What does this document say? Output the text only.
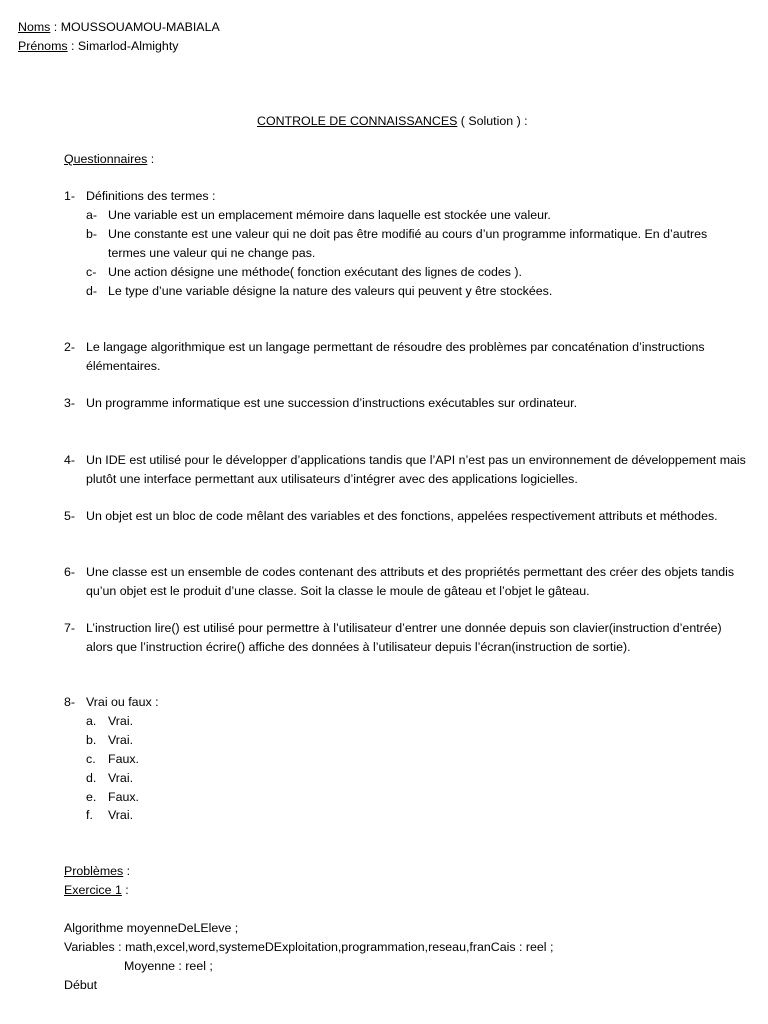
Noms : MOUSSOUAMOU-MABIALA
Prénoms : Simarlod-Almighty
CONTROLE DE CONNAISSANCES ( Solution ) :
Questionnaires :
1- Définitions des termes :
a- Une variable est un emplacement mémoire dans laquelle est stockée une valeur.
b- Une constante est une valeur qui ne doit pas être modifié au cours d’un programme informatique. En d’autres termes une valeur qui ne change pas.
c- Une action désigne une méthode( fonction exécutant des lignes de codes ).
d- Le type d’une variable désigne la nature des valeurs qui peuvent y être stockées.
2- Le langage algorithmique est un langage permettant de résoudre des problèmes par concaténation d’instructions élémentaires.
3- Un programme informatique est une succession d’instructions exécutables sur ordinateur.
4- Un IDE est utilisé pour le développer d’applications tandis que l’API n’est pas un environnement de développement mais plutôt une interface permettant aux utilisateurs d’intégrer avec des applications logicielles.
5- Un objet est un bloc de code mêlant des variables et des fonctions, appelées respectivement attributs et méthodes.
6- Une classe est un ensemble de codes contenant des attributs et des propriétés permettant des créer des objets tandis qu’un objet est le produit d’une classe. Soit la classe le moule de gâteau et l’objet le gâteau.
7- L’instruction lire() est utilisé pour permettre à l’utilisateur d’entrer une donnée depuis son clavier(instruction d’entrée) alors que l’instruction écrire() affiche des données à l’utilisateur depuis l’écran(instruction de sortie).
8- Vrai ou faux :
a. Vrai.
b. Vrai.
c. Faux.
d. Vrai.
e. Faux.
f. Vrai.
Problèmes :
Exercice 1 :
Algorithme moyenneDeLEleve ;
Variables : math,excel,word,systemeDExploitation,programmation,reseau,franCais : reel ;
Moyenne : reel ;
Début
